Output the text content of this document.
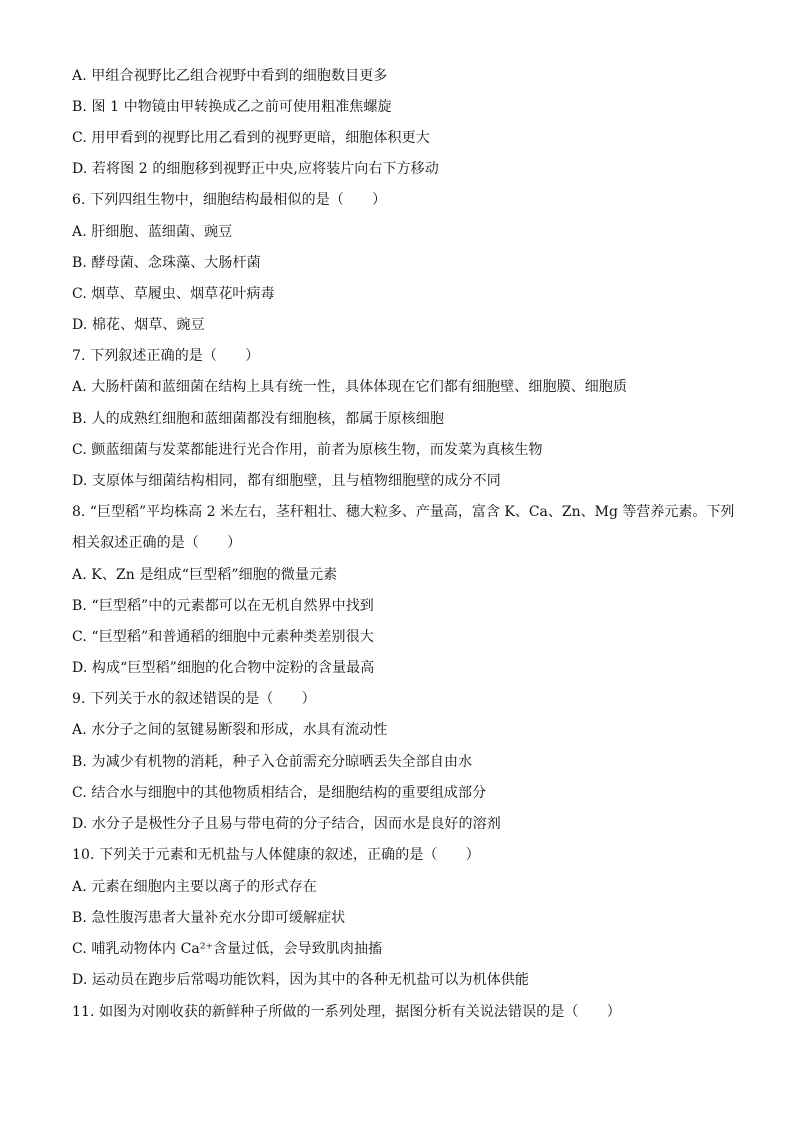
A. 甲组合视野比乙组合视野中看到的细胞数目更多
B. 图 1 中物镜由甲转换成乙之前可使用粗准焦螺旋
C. 用甲看到的视野比用乙看到的视野更暗，细胞体积更大
D. 若将图 2 的细胞移到视野正中央,应将装片向右下方移动
6. 下列四组生物中，细胞结构最相似的是（　　）
A. 肝细胞、蓝细菌、豌豆
B. 酵母菌、念珠藻、大肠杆菌
C. 烟草、草履虫、烟草花叶病毒
D. 棉花、烟草、豌豆
7. 下列叙述正确的是（　　）
A. 大肠杆菌和蓝细菌在结构上具有统一性，具体体现在它们都有细胞壁、细胞膜、细胞质
B. 人的成熟红细胞和蓝细菌都没有细胞核，都属于原核细胞
C. 颤蓝细菌与发菜都能进行光合作用，前者为原核生物，而发菜为真核生物
D. 支原体与细菌结构相同，都有细胞壁，且与植物细胞壁的成分不同
8. “巨型稻”平均株高 2 米左右，茎秆粗壮、穗大粒多、产量高，富含 K、Ca、Zn、Mg 等营养元素。下列
相关叙述正确的是（　　）
A. K、Zn 是组成“巨型稻”细胞的微量元素
B. “巨型稻”中的元素都可以在无机自然界中找到
C. “巨型稻”和普通稻的细胞中元素种类差别很大
D. 构成“巨型稻”细胞的化合物中淀粉的含量最高
9. 下列关于水的叙述错误的是（　　）
A. 水分子之间的氢键易断裂和形成，水具有流动性
B. 为减少有机物的消耗，种子入仓前需充分晾晒丢失全部自由水
C. 结合水与细胞中的其他物质相结合，是细胞结构的重要组成部分
D. 水分子是极性分子且易与带电荷的分子结合，因而水是良好的溶剂
10. 下列关于元素和无机盐与人体健康的叙述，正确的是（　　）
A. 元素在细胞内主要以离子的形式存在
B. 急性腹泻患者大量补充水分即可缓解症状
C. 哺乳动物体内 Ca²⁺含量过低，会导致肌肉抽搐
D. 运动员在跑步后常喝功能饮料，因为其中的各种无机盐可以为机体供能
11. 如图为对刚收获的新鲜种子所做的一系列处理，据图分析有关说法错误的是（　　）
